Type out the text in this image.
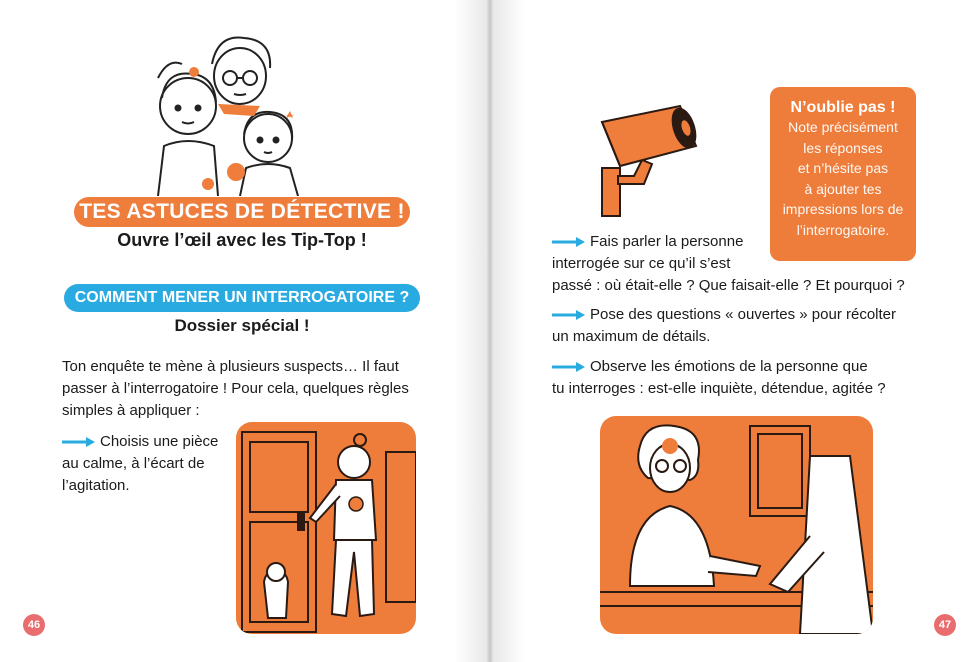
TES ASTUCES DE DÉTECTIVE !
Ouvre l’œil avec les Tip-Top !
COMMENT MENER UN INTERROGATOIRE ?
Dossier spécial !
Ton enquête te mène à plusieurs suspects… Il faut
passer à l’interrogatoire ! Pour cela, quelques règles
simples à appliquer :
Choisis une pièce
au calme, à l’écart de
l’agitation.
46
N’oublie pas !
Note précisément
les réponses
et n’hésite pas
à ajouter tes
impressions lors de
l’interrogatoire.
Fais parler la personne
interrogée sur ce qu’il s’est
passé : où était-elle ? Que faisait-elle ? Et pourquoi ?
Pose des questions « ouvertes » pour récolter
un maximum de détails.
Observe les émotions de la personne que
tu interroges : est-elle inquiète, détendue, agitée ?
47
